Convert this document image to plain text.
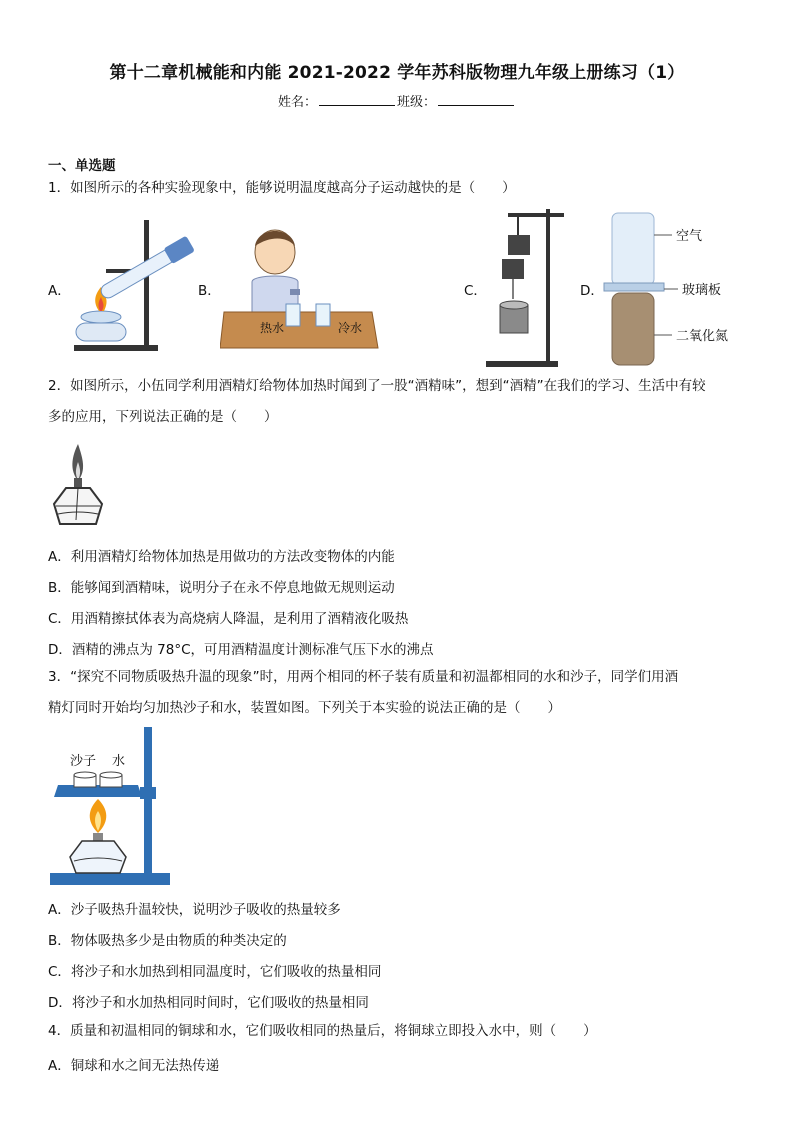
第十二章机械能和内能 2021-2022 学年苏科版物理九年级上册练习（1）
姓名：	班级：
一、单选题
1．如图所示的各种实验现象中，能够说明温度越高分子运动越快的是（　　）
A．	B．
热水	冷水
C．	D．
空气
玻璃板
二氧化氮
2．如图所示，小伍同学利用酒精灯给物体加热时闻到了一股“酒精味”，想到“酒精”在我们的学习、生活中有较
多的应用，下列说法正确的是（　　）
A．利用酒精灯给物体加热是用做功的方法改变物体的内能
B．能够闻到酒精味，说明分子在永不停息地做无规则运动
C．用酒精擦拭体表为高烧病人降温，是利用了酒精液化吸热
D．酒精的沸点为 78°C，可用酒精温度计测标准气压下水的沸点
3．“探究不同物质吸热升温的现象”时，用两个相同的杯子装有质量和初温都相同的水和沙子，同学们用酒
精灯同时开始均匀加热沙子和水，装置如图。下列关于本实验的说法正确的是（　　）
沙子 水
A．沙子吸热升温较快，说明沙子吸收的热量较多
B．物体吸热多少是由物质的种类决定的
C．将沙子和水加热到相同温度时，它们吸收的热量相同
D．将沙子和水加热相同时间时，它们吸收的热量相同
4．质量和初温相同的铜球和水，它们吸收相同的热量后，将铜球立即投入水中，则（　　）
A．铜球和水之间无法热传递
